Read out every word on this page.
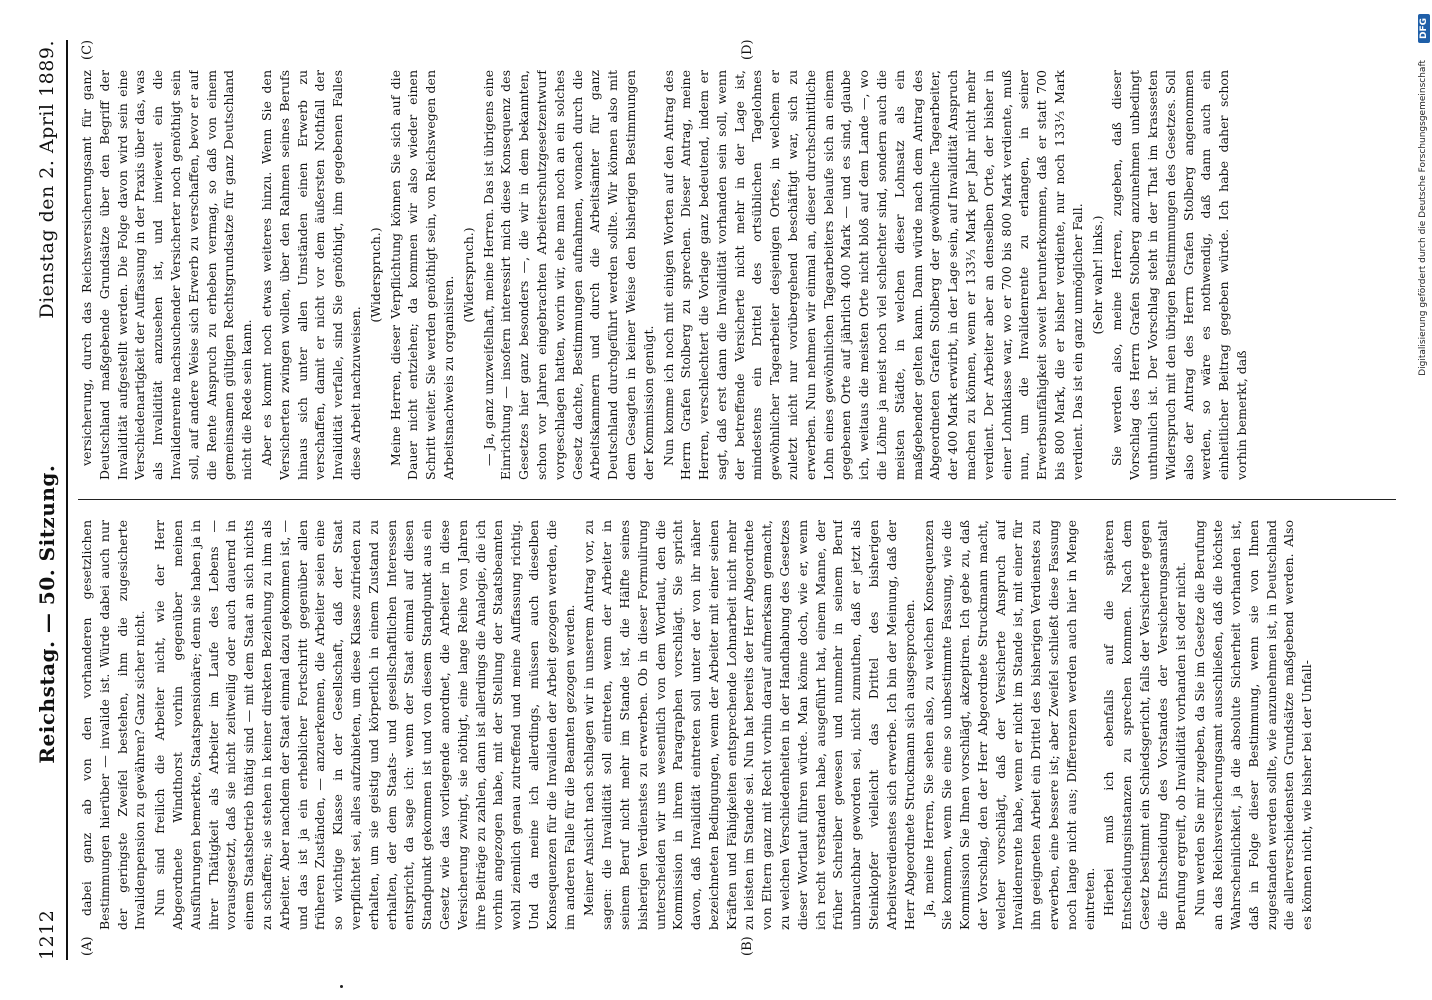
1212
Reichstag. — 50. Sitzung.
Dienstag den 2. April 1889.
(A)	(B)
(C)	(D)

dabei ganz ab von den vorhanderen gesetzlichen Bestimmungen hierüber — invalide ist. Würde dabei auch nur der geringste Zweifel bestehen, ihm die zugesicherte Invalidenpension zu gewähren? Ganz sicher nicht. Nun sind freilich die Arbeiter nicht, wie der Herr Abgeordnete Windthorst vorhin gegenüber meinen Ausführungen bemerkte, Staatspensionäre; denn sie haben ja in ihrer Thätigkeit als Arbeiter im Laufe des Lebens — vorausgesetzt, daß sie nicht zeitweilig oder auch dauernd in einem Staatsbetrieb thätig sind — mit dem Staat an sich nichts zu schaffen; sie stehen in keiner direkten Beziehung zu ihm als Arbeiter. Aber nachdem der Staat einmal dazu gekommen ist, — und das ist ja ein erheblicher Fortschritt gegenüber allen früheren Zuständen, — anzuerkennen, die Arbeiter seien eine so wichtige Klasse in der Gesellschaft, daß der Staat verpflichtet sei, alles aufzubieten, um diese Klasse zufrieden zu erhalten, um sie geistig und körperlich in einem Zustand zu erhalten, der dem Staats- und gesellschaftlichen Interessen entspricht, da sage ich: wenn der Staat einmal auf diesen Standpunkt gekommen ist und von diesem Standpunkt aus ein Gesetz wie das vorliegende anordnet, die Arbeiter in diese Versicherung zwingt, sie nöthigt, eine lange Reihe von Jahren ihre Beiträge zu zahlen, dann ist allerdings die Analogie, die ich vorhin angezogen habe, mit der Stellung der Staatsbeamten wohl ziemlich genau zutreffend und meine Auffassung richtig. Und da meine ich allerdings, müssen auch dieselben Konsequenzen für die Invaliden der Arbeit gezogen werden, die im anderen Falle für die Beamten gezogen werden. Meiner Ansicht nach schlagen wir in unserem Antrag vor, zu sagen: die Invalidität soll eintreten, wenn der Arbeiter in seinem Beruf nicht mehr im Stande ist, die Hälfte seines bisherigen Verdienstes zu erwerben. Ob in dieser Formulirung unterscheiden wir uns wesentlich von dem Wortlaut, den die Kommission in ihrem Paragraphen vorschlägt. Sie spricht davon, daß Invalidität eintreten soll unter der von ihr näher bezeichneten Bedingungen, wenn der Arbeiter mit einer seinen Kräften und Fähigkeiten entsprechende Lohnarbeit nicht mehr zu leisten im Stande sei. Nun hat bereits der Herr Abgeordnete von Eltern ganz mit Recht vorhin darauf aufmerksam gemacht, zu welchen Verschiedenheiten in der Handhabung des Gesetzes dieser Wortlaut führen würde. Man könne doch, wie er, wenn ich recht verstanden habe, ausgeführt hat, einem Manne, der früher Schreiber gewesen und nunmehr in seinem Beruf unbrauchbar geworden sei, nicht zumuthen, daß er jetzt als Steinklopfer vielleicht das Drittel des bisherigen Arbeitsverdienstes sich erwerbe. Ich bin der Meinung, daß der Herr Abgeordnete Struckmann sich ausgesprochen. Ja, meine Herren, Sie sehen also, zu welchen Konsequenzen Sie kommen, wenn Sie eine so unbestimmte Fassung, wie die Kommission Sie Ihnen vorschlägt, akzeptiren. Ich gebe zu, daß der Vorschlag, den der Herr Abgeordnete Struckmann macht, welcher vorschlägt, daß der Versicherte Anspruch auf Invalidenrente habe, wenn er nicht im Stande ist, mit einer für ihn geeigneten Arbeit ein Drittel des bisherigen Verdienstes zu erwerben, eine bessere ist; aber Zweifel schließt diese Fassung noch lange nicht aus; Differenzen werden auch hier in Menge eintreten. Hierbei muß ich ebenfalls auf die späteren Entscheidungsinstanzen zu sprechen kommen. Nach dem Gesetz bestimmt ein Schiedsgericht, falls der Versicherte gegen die Entscheidung des Vorstandes der Versicherungsanstalt Berufung ergreift, ob Invalidität vorhanden ist oder nicht. Nun werden Sie mir zugeben, da Sie im Gesetze die Berufung an das Reichsversicherungsamt ausschließen, daß die höchste Wahrscheinlichkeit, ja die absolute Sicherheit vorhanden ist, daß in Folge dieser Bestimmung, wenn sie von Ihnen zugestanden werden sollte, wie anzunehmen ist, in Deutschland die allerverschiedensten Grundsätze maßgebend werden. Also es können nicht, wie bisher bei der Unfall-

versicherung, durch das Reichsversicherungsamt für ganz Deutschland maßgebende Grundsätze über den Begriff der Invalidität aufgestellt werden. Die Folge davon wird sein eine Verschiedenartigkeit der Auffassung in der Praxis über das, was als Invalidität anzusehen ist, und inwieweit ein die Invalidenrente nachsuchender Versicherter noch genöthigt sein soll, auf andere Weise sich Erwerb zu verschaffen, bevor er auf die Rente Anspruch zu erheben vermag, so daß von einem gemeinsamen gültigen Rechtsgrundsatze für ganz Deutschland nicht die Rede sein kann. Aber es kommt noch etwas weiteres hinzu. Wenn Sie den Versicherten zwingen wollen, über den Rahmen seines Berufs hinaus sich unter allen Umständen einen Erwerb zu verschaffen, damit er nicht vor dem äußersten Nothfall der Invalidität verfalle, sind Sie genöthigt, ihm gegebenen Falles diese Arbeit nachzuweisen.

(Widerspruch.) Meine Herren, dieser Verpflichtung können Sie sich auf die Dauer nicht entziehen; da kommen wir also wieder einen Schritt weiter. Sie werden genöthigt sein, von Reichswegen den Arbeitsnachweis zu organisiren.

(Widerspruch.) — Ja, ganz unzweifelhaft, meine Herren. Das ist übrigens eine Einrichtung — insofern interessirt mich diese Konsequenz des Gesetzes hier ganz besonders —, die wir in dem bekannten, schon vor Jahren eingebrachten Arbeiterschutzgesetzentwurf vorgeschlagen hatten, worin wir, ehe man noch an ein solches Gesetz dachte, Bestimmungen aufnahmen, wonach durch die Arbeitskammern und durch die Arbeitsämter für ganz Deutschland durchgeführt werden sollte. Wir können also mit dem Gesagten in keiner Weise den bisherigen Bestimmungen der Kommission genügt. Nun komme ich noch mit einigen Worten auf den Antrag des Herrn Grafen Stolberg zu sprechen. Dieser Antrag, meine Herren, verschlechtert die Vorlage ganz bedeutend, indem er sagt, daß erst dann die Invalidität vorhanden sein soll, wenn der betreffende Versicherte nicht mehr in der Lage ist, mindestens ein Drittel des ortsüblichen Tagelohnes gewöhnlicher Tagearbeiter desjenigen Ortes, in welchem er zuletzt nicht nur vorübergehend beschäftigt war, sich zu erwerben. Nun nehmen wir einmal an, dieser durchschnittliche Lohn eines gewöhnlichen Tagearbeiters belaufe sich an einem gegebenen Orte auf jährlich 400 Mark — und es sind, glaube ich, weitaus die meisten Orte nicht bloß auf dem Lande —, wo die Löhne ja meist noch viel schlechter sind, sondern auch die meisten Städte, in welchen dieser Lohnsatz als ein maßgebender gelten kann. Dann würde nach dem Antrag des Abgeordneten Grafen Stolberg der gewöhnliche Tagearbeiter, der 400 Mark erwirbt, in der Lage sein, auf Invalidität Anspruch machen zu können, wenn er 133⅓ Mark per Jahr nicht mehr verdient. Der Arbeiter aber an denselben Orte, der bisher in einer Lohnklasse war, wo er 700 bis 800 Mark verdiente, muß nun, um die Invalidenrente zu erlangen, in seiner Erwerbsunfähigkeit soweit herunterkommen, daß er statt 700 bis 800 Mark, die er bisher verdiente, nur noch 133⅓ Mark verdient. Das ist ein ganz unmöglicher Fall. (Sehr wahr! links.) Sie werden also, meine Herren, zugeben, daß dieser Vorschlag des Herrn Grafen Stolberg anzunehmen unbedingt unthunlich ist. Der Vorschlag steht in der That im krassesten Widerspruch mit den übrigen Bestimmungen des Gesetzes. Soll also der Antrag des Herrn Grafen Stolberg angenommen werden, so wäre es nothwendig, daß dann auch ein einheitlicher Beitrag gegeben würde. Ich habe daher schon vorhin bemerkt, daß

Digitalisierung gefördert durch die Deutsche Forschungsgemeinschaft
DFG
